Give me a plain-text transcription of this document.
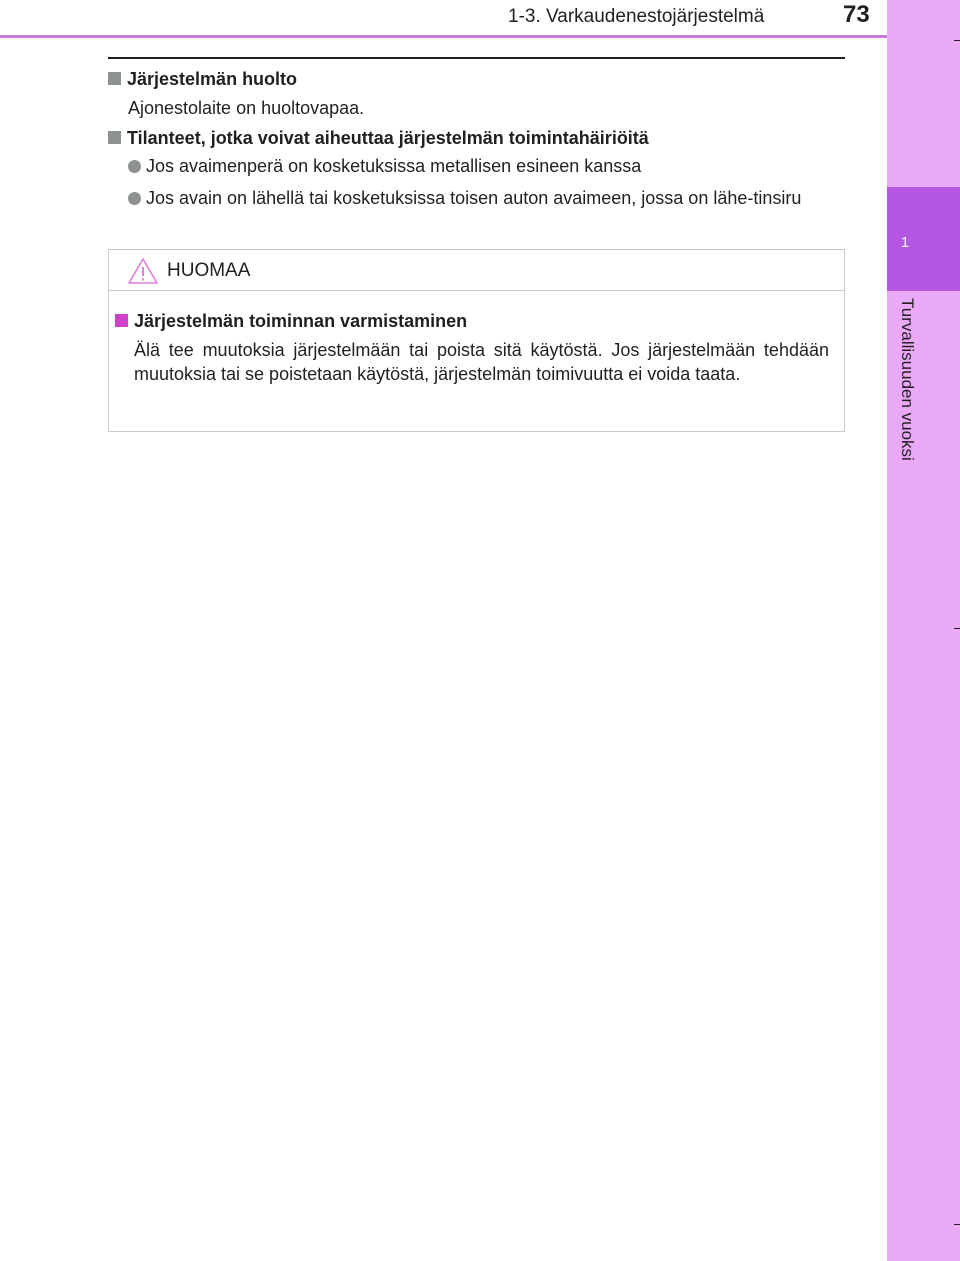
1-3. Varkaudenestojärjestelmä	73
1
Turvallisuuden vuoksi
Järjestelmän huolto
Ajonestolaite on huoltovapaa.
Tilanteet, jotka voivat aiheuttaa järjestelmän toimintahäiriöitä
Jos avaimenperä on kosketuksissa metallisen esineen kanssa
Jos avain on lähellä tai kosketuksissa toisen auton avaimeen, jossa on lähe-tinsiru
HUOMAA
Järjestelmän toiminnan varmistaminen
Älä tee muutoksia järjestelmään tai poista sitä käytöstä. Jos järjestelmään tehdään muutoksia tai se poistetaan käytöstä, järjestelmän toimivuutta ei voida taata.
